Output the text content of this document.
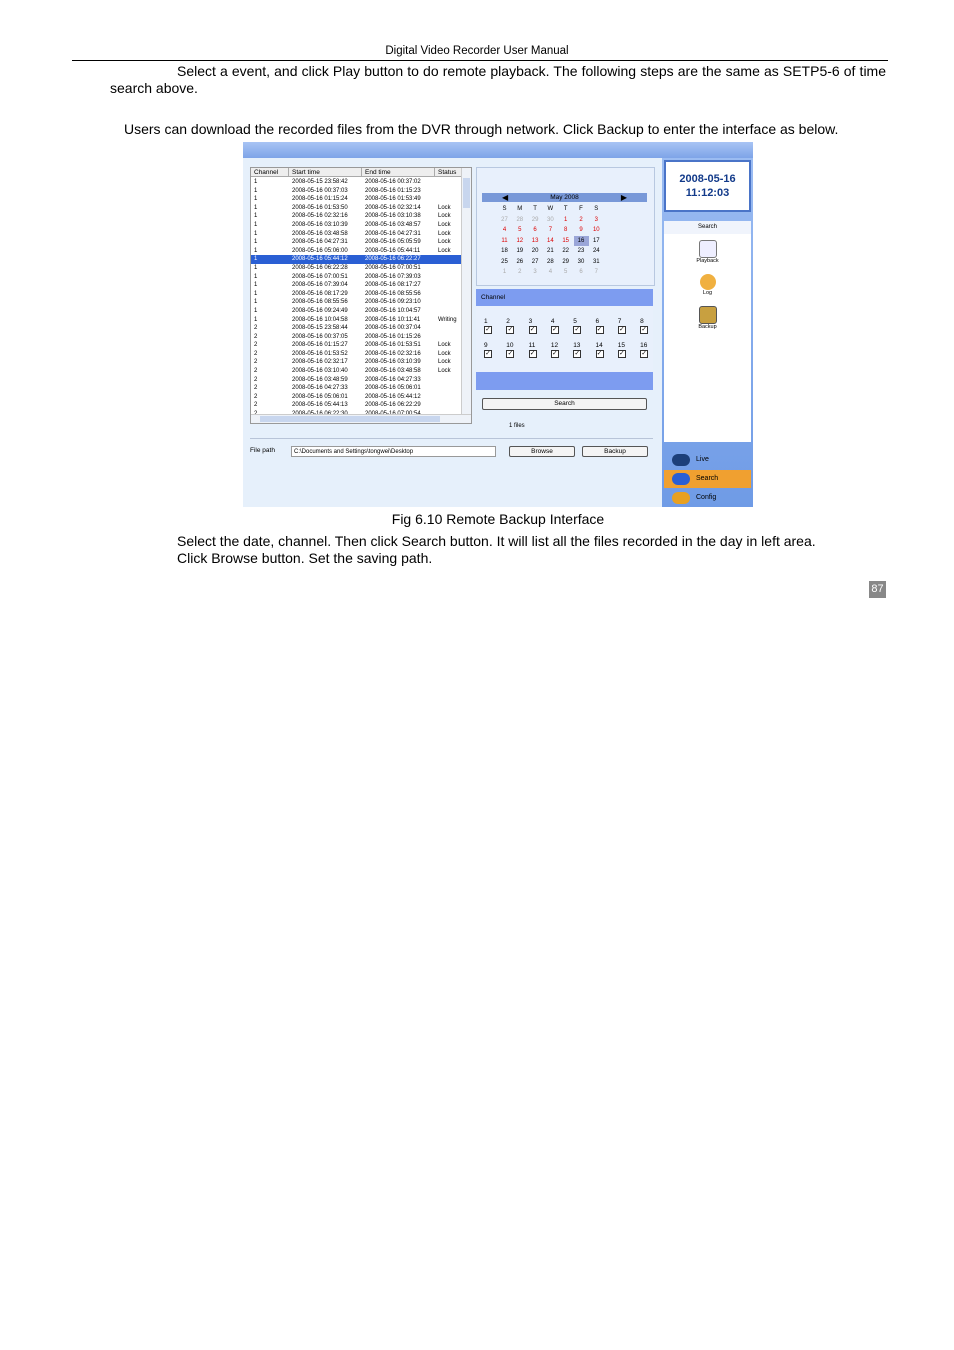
Digital Video Recorder User Manual
Select a event, and click Play button to do remote playback. The following steps are the same as SETP5-6 of time search above.
Users can download the recorded files from the DVR through network. Click Backup to enter the interface as below.
Channel	Start time	End time	Status
1	2008-05-15 23:58:42	2008-05-16 00:37:02
1	2008-05-16 00:37:03	2008-05-16 01:15:23
1	2008-05-16 01:15:24	2008-05-16 01:53:49
1	2008-05-16 01:53:50	2008-05-16 02:32:14	Lock
1	2008-05-16 02:32:16	2008-05-16 03:10:38	Lock
1	2008-05-16 03:10:39	2008-05-16 03:48:57	Lock
1	2008-05-16 03:48:58	2008-05-16 04:27:31	Lock
1	2008-05-16 04:27:31	2008-05-16 05:05:59	Lock
1	2008-05-16 05:06:00	2008-05-16 05:44:11	Lock
1	2008-05-16 05:44:12	2008-05-16 06:22:27
1	2008-05-16 06:22:28	2008-05-16 07:00:51
1	2008-05-16 07:00:51	2008-05-16 07:39:03
1	2008-05-16 07:39:04	2008-05-16 08:17:27
1	2008-05-16 08:17:29	2008-05-16 08:55:56
1	2008-05-16 08:55:56	2008-05-16 09:23:10
1	2008-05-16 09:24:49	2008-05-16 10:04:57
1	2008-05-16 10:04:58	2008-05-16 10:11:41	Writing
2	2008-05-15 23:58:44	2008-05-16 00:37:04
2	2008-05-16 00:37:05	2008-05-16 01:15:26
2	2008-05-16 01:15:27	2008-05-16 01:53:51	Lock
2	2008-05-16 01:53:52	2008-05-16 02:32:16	Lock
2	2008-05-16 02:32:17	2008-05-16 03:10:39	Lock
2	2008-05-16 03:10:40	2008-05-16 03:48:58	Lock
2	2008-05-16 03:48:59	2008-05-16 04:27:33
2	2008-05-16 04:27:33	2008-05-16 05:06:01
2	2008-05-16 05:06:01	2008-05-16 05:44:12
2	2008-05-16 05:44:13	2008-05-16 06:22:29
◀	May 2008	▶
S	M	T	W	T	F	S
27	28	29	30	1	2	3
4	5	6	7	8	9	10
11	12	13	14	15	16	17
18	19	20	21	22	23	24
25	26	27	28	29	30	31
1	2	3	4	5	6	7
Channel
1
✓
2
✓
3
✓
4
✓
5
✓
6
✓
7
✓
8
✓
9
✓
10
✓
11
✓
12
✓
13
✓
14
✓
15
✓
16
✓
Search
1 files
File path	C:\Documents and Settings\tongwei\Desktop	Browse	Backup
2008-05-16
11:12:03
Search
Playback
Log
Backup
Live
Search
Config
Fig 6.10 Remote Backup Interface
Select the date, channel. Then click Search button. It will list all the files recorded in the day in left area.
Click Browse button. Set the saving path.
87
